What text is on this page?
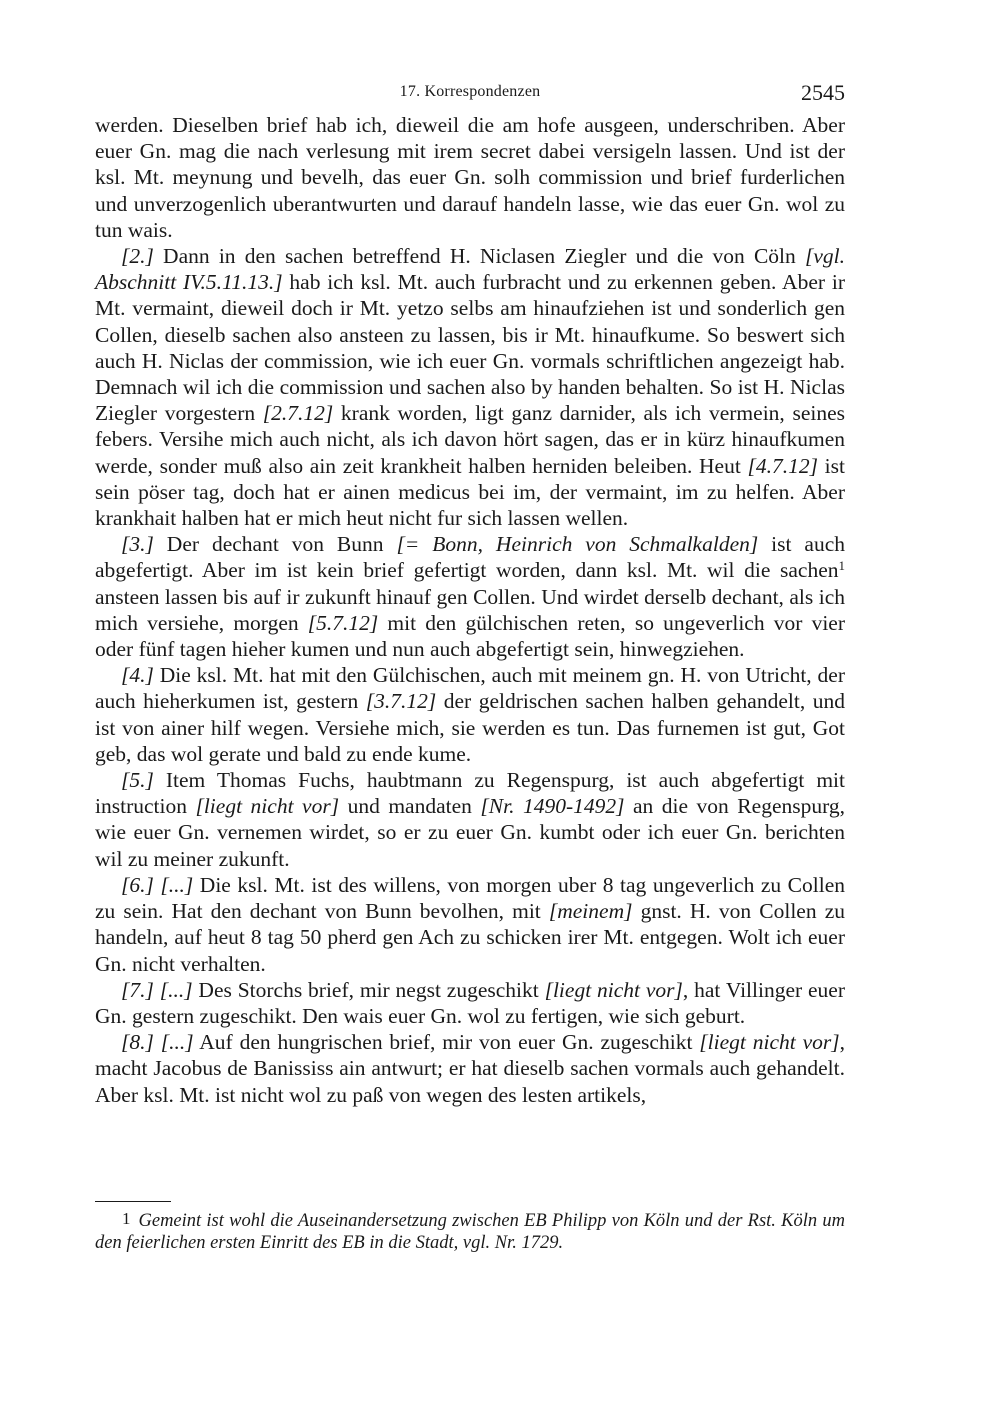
17. Korrespondenzen	2545

werden. Dieselben brief hab ich, dieweil die am hofe ausgeen, underschriben. Aber euer Gn. mag die nach verlesung mit irem secret dabei versigeln lassen. Und ist der ksl. Mt. meynung und bevelh, das euer Gn. solh commission und brief furderlichen und unverzogenlich uberantwurten und darauf handeln lasse, wie das euer Gn. wol zu tun wais.

[2.] Dann in den sachen betreffend H. Niclasen Ziegler und die von Cöln [vgl. Abschnitt IV.5.11.13.] hab ich ksl. Mt. auch furbracht und zu erkennen geben. Aber ir Mt. vermaint, dieweil doch ir Mt. yetzo selbs am hinaufziehen ist und sonderlich gen Collen, dieselb sachen also ansteen zu lassen, bis ir Mt. hinaufkume. So beswert sich auch H. Niclas der commission, wie ich euer Gn. vormals schriftlichen angezeigt hab. Demnach wil ich die commission und sachen also by handen behalten. So ist H. Niclas Ziegler vorgestern [2.7.12] krank worden, ligt ganz darnider, als ich vermein, seines febers. Versihe mich auch nicht, als ich davon hört sagen, das er in kürz hinaufkumen werde, sonder muß also ain zeit krankheit halben herniden beleiben. Heut [4.7.12] ist sein pöser tag, doch hat er ainen medicus bei im, der vermaint, im zu helfen. Aber krankhait halben hat er mich heut nicht fur sich lassen wellen.

[3.] Der dechant von Bunn [= Bonn, Heinrich von Schmalkalden] ist auch abgefertigt. Aber im ist kein brief gefertigt worden, dann ksl. Mt. wil die sachen$^1$ ansteen lassen bis auf ir zukunft hinauf gen Collen. Und wirdet derselb dechant, als ich mich versiehe, morgen [5.7.12] mit den gülchischen reten, so ungeverlich vor vier oder fünf tagen hieher kumen und nun auch abgefertigt sein, hinwegziehen.

[4.] Die ksl. Mt. hat mit den Gülchischen, auch mit meinem gn. H. von Utricht, der auch hieherkumen ist, gestern [3.7.12] der geldrischen sachen halben gehandelt, und ist von ainer hilf wegen. Versiehe mich, sie werden es tun. Das furnemen ist gut, Got geb, das wol gerate und bald zu ende kume.

[5.] Item Thomas Fuchs, haubtmann zu Regenspurg, ist auch abgefertigt mit instruction [liegt nicht vor] und mandaten [Nr. 1490-1492] an die von Regenspurg, wie euer Gn. vernemen wirdet, so er zu euer Gn. kumbt oder ich euer Gn. berichten wil zu meiner zukunft.

[6.] [...] Die ksl. Mt. ist des willens, von morgen uber 8 tag ungeverlich zu Collen zu sein. Hat den dechant von Bunn bevolhen, mit [meinem] gnst. H. von Collen zu handeln, auf heut 8 tag 50 pherd gen Ach zu schicken irer Mt. entgegen. Wolt ich euer Gn. nicht verhalten.

[7.] [...] Des Storchs brief, mir negst zugeschikt [liegt nicht vor], hat Villinger euer Gn. gestern zugeschikt. Den wais euer Gn. wol zu fertigen, wie sich geburt.

[8.] [...] Auf den hungrischen brief, mir von euer Gn. zugeschikt [liegt nicht vor], macht Jacobus de Banississ ain antwurt; er hat dieselb sachen vormals auch gehandelt. Aber ksl. Mt. ist nicht wol zu paß von wegen des lesten artikels,

1 Gemeint ist wohl die Auseinandersetzung zwischen EB Philipp von Köln und der Rst. Köln um den feierlichen ersten Einritt des EB in die Stadt, vgl. Nr. 1729.
